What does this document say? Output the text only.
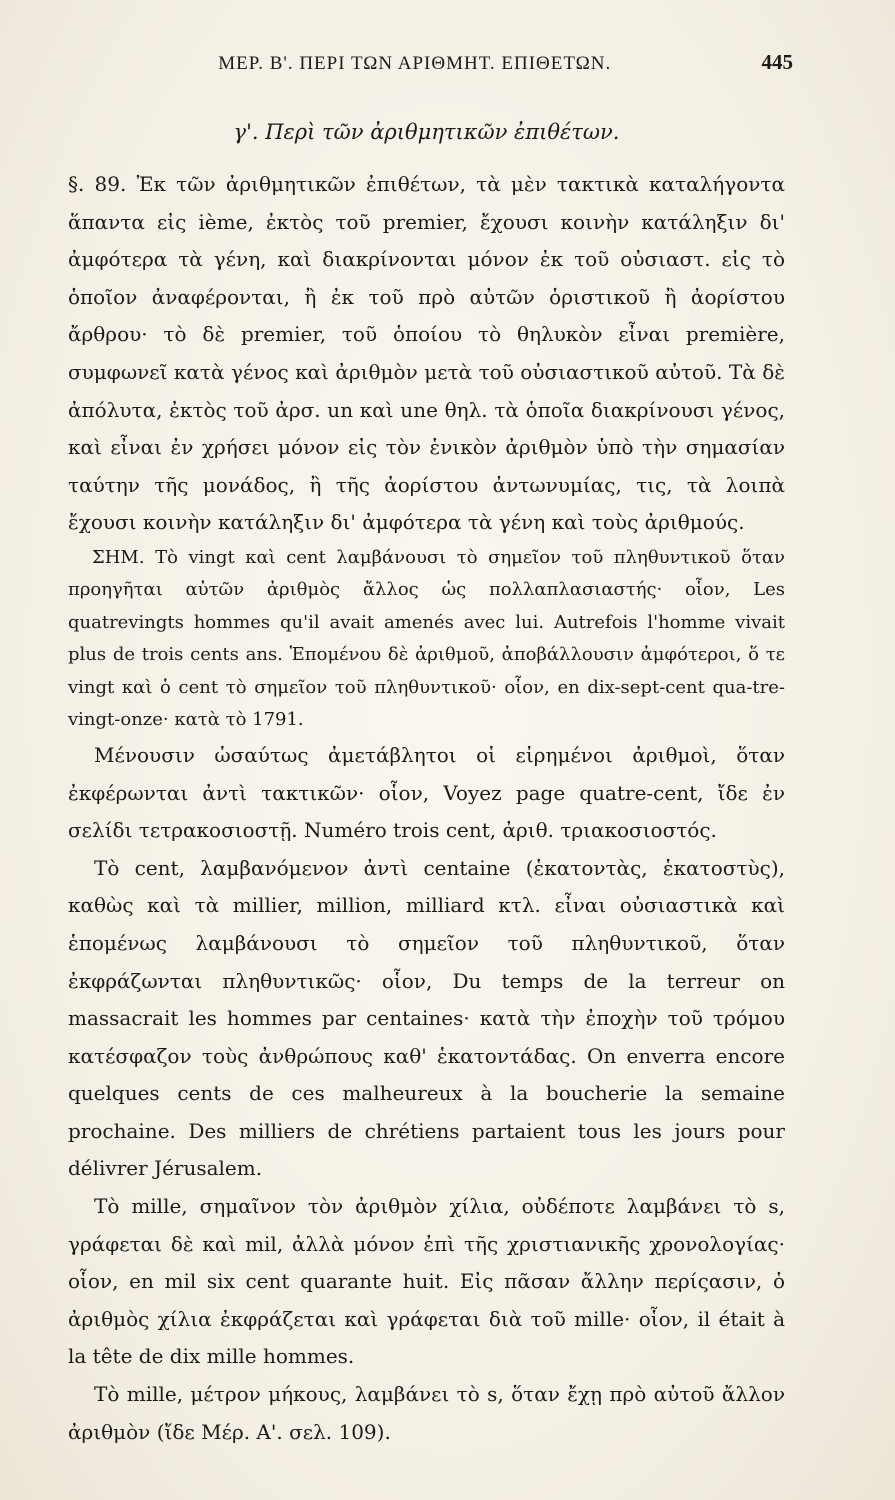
ΜΕΡ. Β'. ΠΕΡΙ ΤΩΝ ΑΡΙΘΜΗΤ. ΕΠΙΘΕΤΩΝ.	445
γ'. Περὶ τῶν ἀριθμητικῶν ἐπιθέτων.

§. 89. Ἐκ τῶν ἀριθμητικῶν ἐπιθέτων, τὰ μὲν τακτικὰ καταλήγοντα ἅπαντα εἰς ième, ἐκτὸς τοῦ premier, ἔχουσι κοινὴν κατάληξιν δι' ἀμφότερα τὰ γένη, καὶ διακρίνονται μόνον ἐκ τοῦ οὐσιαστ. εἰς τὸ ὁποῖον ἀναφέρονται, ἢ ἐκ τοῦ πρὸ αὐτῶν ὁριστικοῦ ἢ ἀορίστου ἄρθρου· τὸ δὲ premier, τοῦ ὁποίου τὸ θηλυκὸν εἶναι première, συμφωνεῖ κατὰ γένος καὶ ἀριθμὸν μετὰ τοῦ οὐσιαστικοῦ αὐτοῦ. Τὰ δὲ ἀπόλυτα, ἐκτὸς τοῦ ἀρσ. un καὶ une θηλ. τὰ ὁποῖα διακρίνουσι γένος, καὶ εἶναι ἐν χρήσει μόνον εἰς τὸν ἑνικὸν ἀριθμὸν ὑπὸ τὴν σημασίαν ταύτην τῆς μονάδος, ἢ τῆς ἀορίστου ἀντωνυμίας, τις, τὰ λοιπὰ ἔχουσι κοινὴν κατάληξιν δι' ἀμφότερα τὰ γένη καὶ τοὺς ἀριθμούς.

ΣΗΜ. Τὸ vingt καὶ cent λαμβάνουσι τὸ σημεῖον τοῦ πληθυντικοῦ ὅταν προηγῆται αὐτῶν ἀριθμὸς ἄλλος ὡς πολλαπλασιαστής· οἷον, Les quatrevingts hommes qu'il avait amenés avec lui. Autrefois l'homme vivait plus de trois cents ans. Ἑπομένου δὲ ἀριθμοῦ, ἀποβάλλουσιν ἀμφότεροι, ὅ τε vingt καὶ ὁ cent τὸ σημεῖον τοῦ πληθυντικοῦ· οἷον, en dix-sept-cent qua-tre-vingt-onze· κατὰ τὸ 1791.

Μένουσιν ὡσαύτως ἀμετάβλητοι οἱ εἰρημένοι ἀριθμοὶ, ὅταν ἐκφέρωνται ἀντὶ τακτικῶν· οἷον, Voyez page quatre-cent, ἴδε ἐν σελίδι τετρακοσιοστῇ. Numéro trois cent, ἀριθ. τριακοσιοστός.

Τὸ cent, λαμβανόμενον ἀντὶ centaine (ἑκατοντὰς, ἑκατοστὺς), καθὼς καὶ τὰ millier, million, milliard κτλ. εἶναι οὐσιαστικὰ καὶ ἑπομένως λαμβάνουσι τὸ σημεῖον τοῦ πληθυντικοῦ, ὅταν ἐκφράζωνται πληθυντικῶς· οἷον, Du temps de la terreur on massacrait les hommes par centaines· κατὰ τὴν ἐποχὴν τοῦ τρόμου κατέσφαζον τοὺς ἀνθρώπους καθ' ἑκατοντάδας. On enverra encore quelques cents de ces malheureux à la boucherie la semaine prochaine. Des milliers de chrétiens partaient tous les jours pour délivrer Jérusalem.

Τὸ mille, σημαῖνον τὸν ἀριθμὸν χίλια, οὐδέποτε λαμβάνει τὸ s, γράφεται δὲ καὶ mil, ἀλλὰ μόνον ἐπὶ τῆς χριστιανικῆς χρονολογίας· οἷον, en mil six cent quarante huit. Εἰς πᾶσαν ἄλλην περίςασιν, ὁ ἀριθμὸς χίλια ἐκφράζεται καὶ γράφεται διὰ τοῦ mille· οἷον, il était à la tête de dix mille hommes.

Τὸ mille, μέτρον μήκους, λαμβάνει τὸ s, ὅταν ἔχῃ πρὸ αὐτοῦ ἄλλον ἀριθμὸν (ἴδε Μέρ. Α'. σελ. 109).
